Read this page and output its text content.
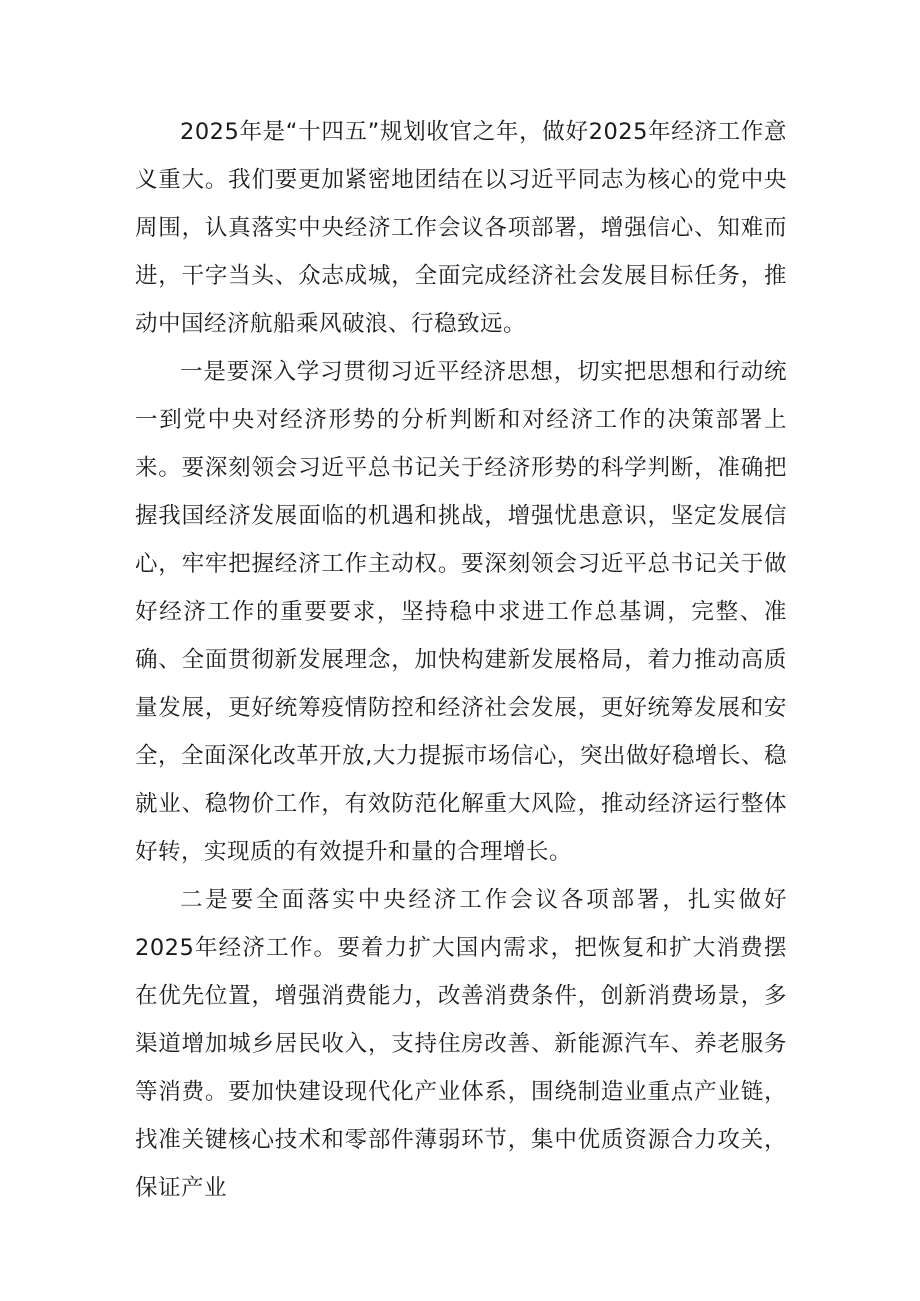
2025年是“十四五”规划收官之年，做好2025年经济工作意义重大。我们要更加紧密地团结在以习近平同志为核心的党中央周围，认真落实中央经济工作会议各项部署，增强信心、知难而进，干字当头、众志成城，全面完成经济社会发展目标任务，推动中国经济航船乘风破浪、行稳致远。

一是要深入学习贯彻习近平经济思想，切实把思想和行动统一到党中央对经济形势的分析判断和对经济工作的决策部署上来。要深刻领会习近平总书记关于经济形势的科学判断，准确把握我国经济发展面临的机遇和挑战，增强忧患意识，坚定发展信心，牢牢把握经济工作主动权。要深刻领会习近平总书记关于做好经济工作的重要要求，坚持稳中求进工作总基调，完整、准确、全面贯彻新发展理念，加快构建新发展格局，着力推动高质量发展，更好统筹疫情防控和经济社会发展，更好统筹发展和安全，全面深化改革开放,大力提振市场信心，突出做好稳增长、稳就业、稳物价工作，有效防范化解重大风险，推动经济运行整体好转，实现质的有效提升和量的合理增长。

二是要全面落实中央经济工作会议各项部署，扎实做好2025年经济工作。要着力扩大国内需求，把恢复和扩大消费摆在优先位置，增强消费能力，改善消费条件，创新消费场景，多渠道增加城乡居民收入，支持住房改善、新能源汽车、养老服务等消费。要加快建设现代化产业体系，围绕制造业重点产业链，找准关键核心技术和零部件薄弱环节，集中优质资源合力攻关，保证产业
